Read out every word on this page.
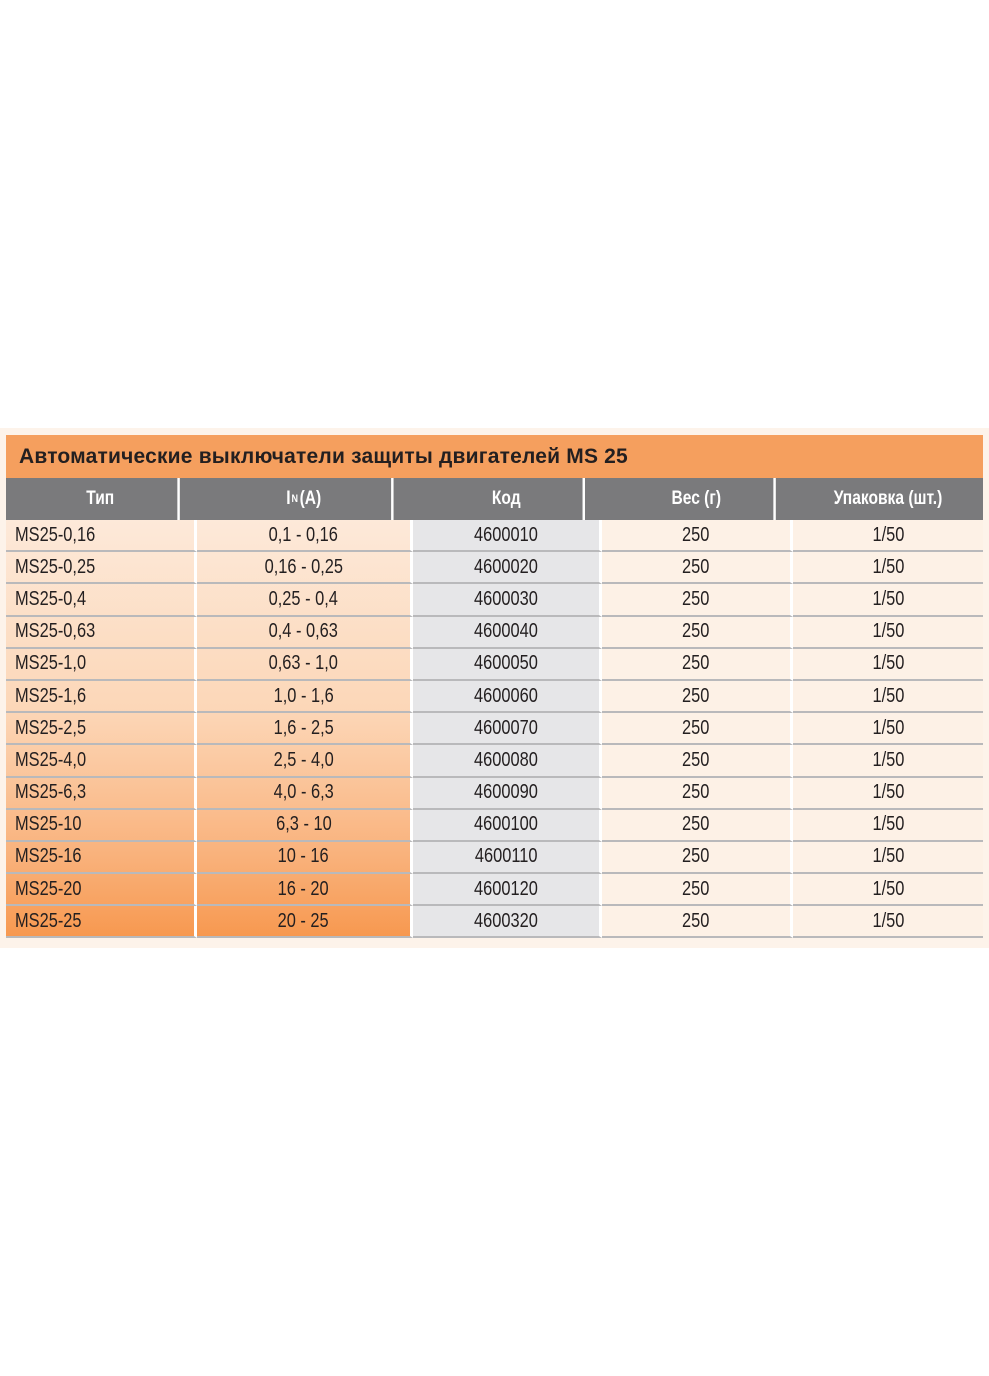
Автоматические выключатели защиты двигателей MS 25
Тип	I N (A)	Код	Вес (г)	Упаковка (шт.)
MS25-0,16	0,1 - 0,16	4600010	250	1/50
MS25-0,25	0,16 - 0,25	4600020	250	1/50
MS25-0,4	0,25 - 0,4	4600030	250	1/50
MS25-0,63	0,4 - 0,63	4600040	250	1/50
MS25-1,0	0,63 - 1,0	4600050	250	1/50
MS25-1,6	1,0 - 1,6	4600060	250	1/50
MS25-2,5	1,6 - 2,5	4600070	250	1/50
MS25-4,0	2,5 - 4,0	4600080	250	1/50
MS25-6,3	4,0 - 6,3	4600090	250	1/50
MS25-10	6,3 - 10	4600100	250	1/50
MS25-16	10 - 16	4600110	250	1/50
MS25-20	16 - 20	4600120	250	1/50
MS25-25	20 - 25	4600320	250	1/50
